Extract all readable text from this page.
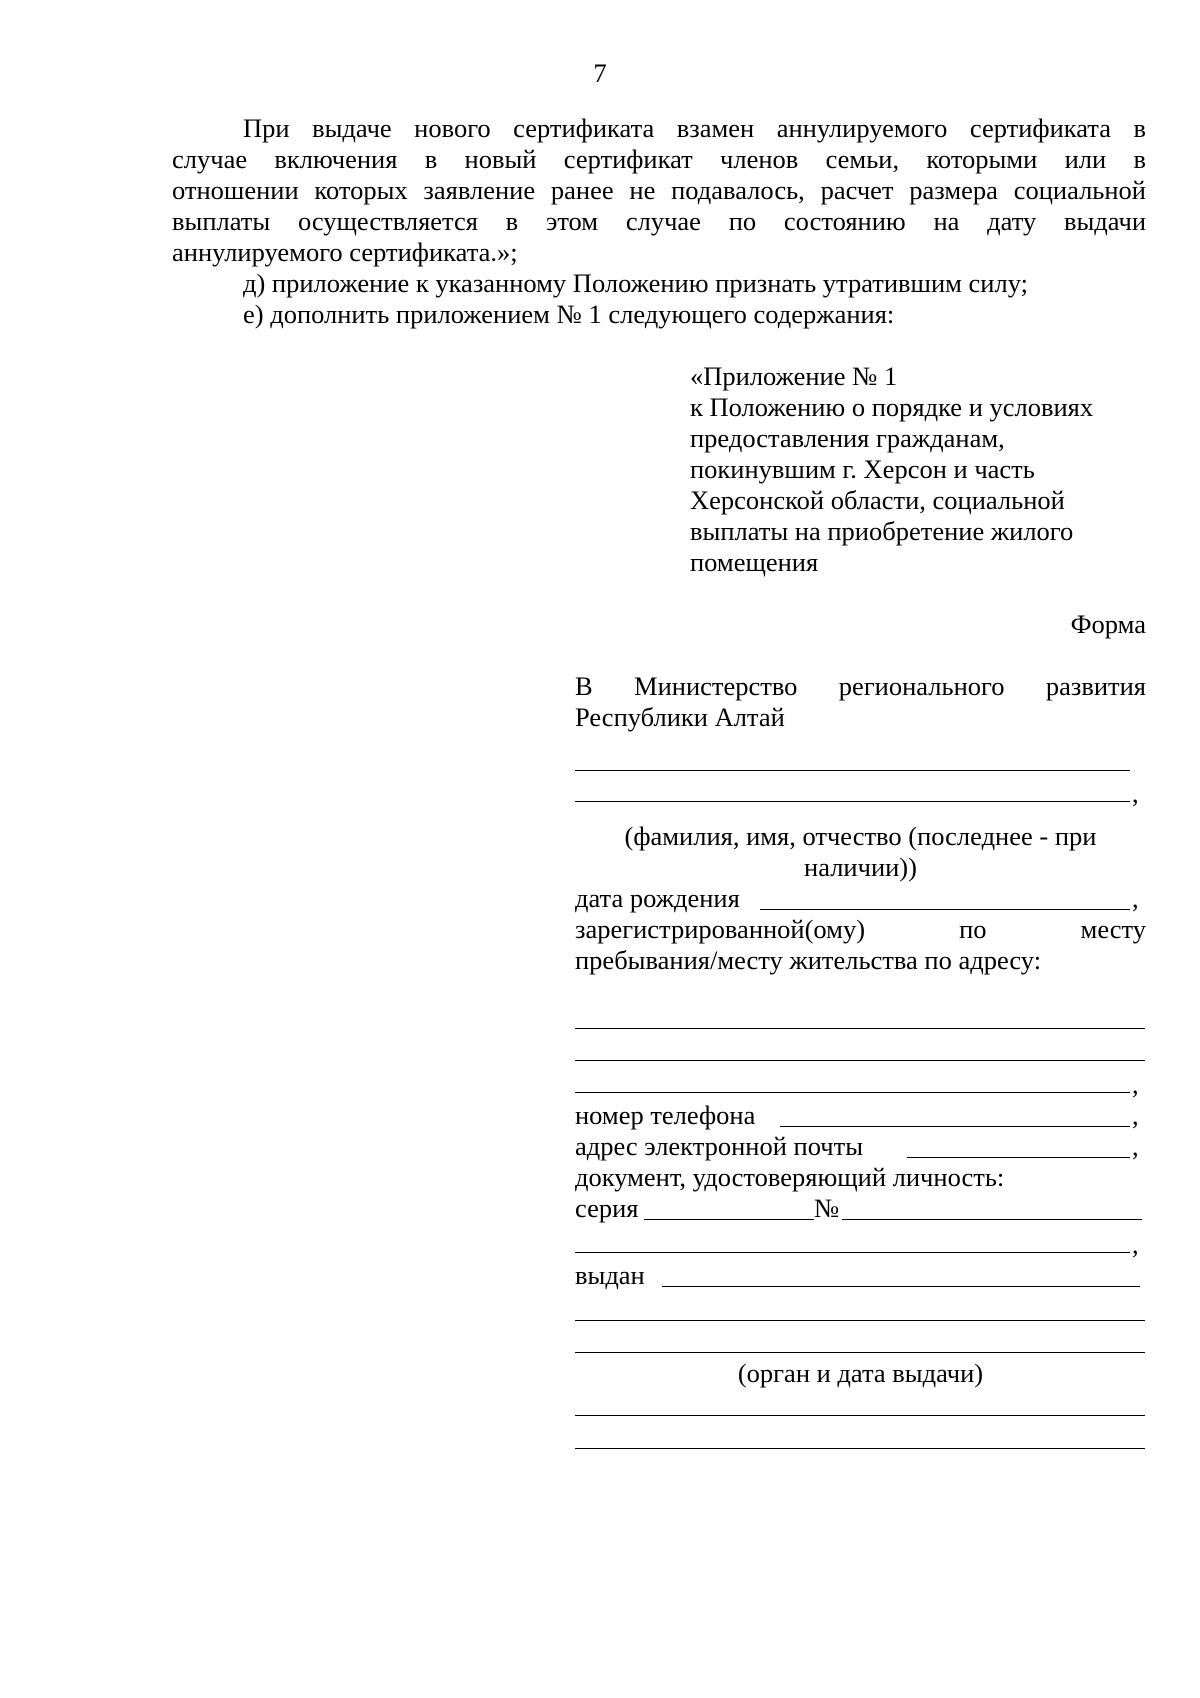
7
При выдаче нового сертификата взамен аннулируемого сертификата в
случае включения в новый сертификат членов семьи, которыми или в
отношении которых заявление ранее не подавалось, расчет размера социальной
выплаты осуществляется в этом случае по состоянию на дату выдачи
аннулируемого сертификата.»;
д) приложение к указанному Положению признать утратившим силу;
е) дополнить приложением № 1 следующего содержания:
«Приложение № 1
к Положению о порядке и условиях
предоставления гражданам,
покинувшим г. Херсон и часть
Херсонской области, социальной
выплаты на приобретение жилого
помещения
Форма
В Министерство регионального развития
Республики Алтай
,
(фамилия, имя, отчество (последнее - при
наличии))
дата рождения	,
зарегистрированной(ому) по месту
пребывания/месту жительства по адресу:
,
номер телефона	,
адрес электронной почты	,
документ, удостоверяющий личность:
серия	№
,
выдан
(орган и дата выдачи)
